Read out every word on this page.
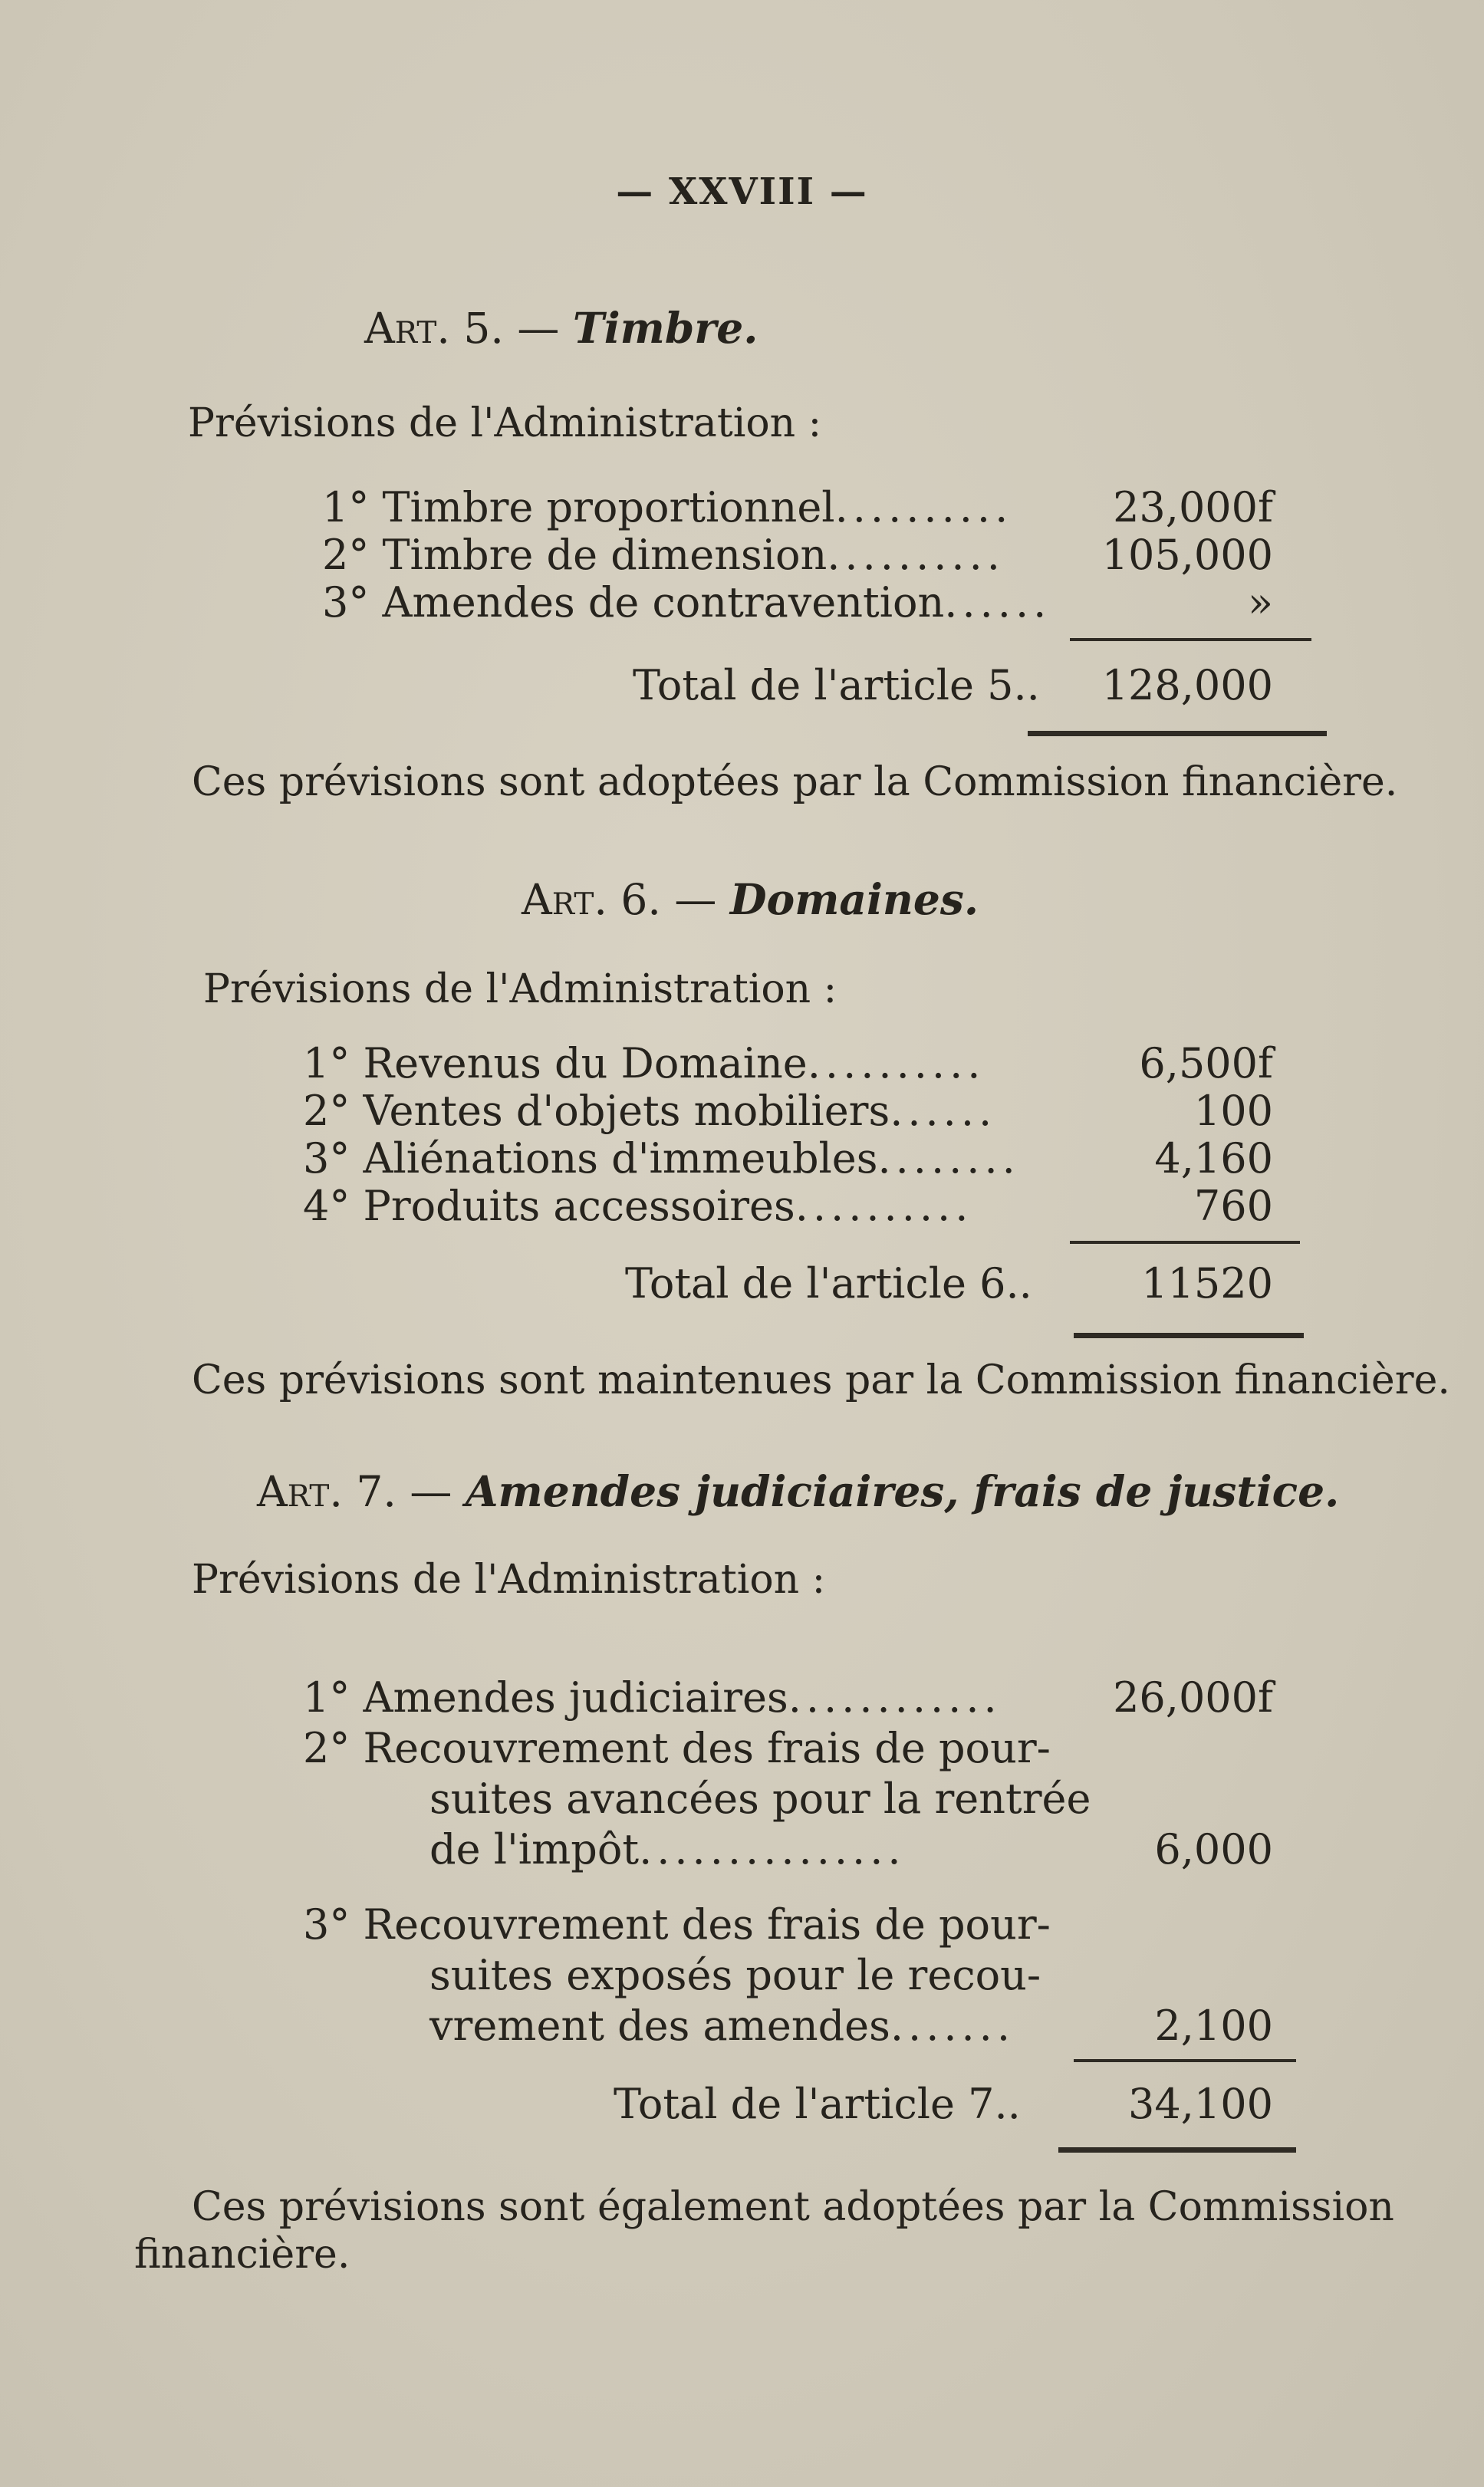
— XXVIII —
Art. 5. — Timbre.
Prévisions de l'Administration :
1° Timbre proportionnel..........	23,000f
2° Timbre de dimension..........	105,000
3° Amendes de contravention......	»
Total de l'article 5..	128,000
Ces prévisions sont adoptées par la Commission financière.
Art. 6. — Domaines.
Prévisions de l'Administration :
1° Revenus du Domaine..........	6,500f
2° Ventes d'objets mobiliers......	100
3° Aliénations d'immeubles........	4,160
4° Produits accessoires..........	760
Total de l'article 6..	11520
Ces prévisions sont maintenues par la Commission financière.
Art. 7. — Amendes judiciaires, frais de justice.
Prévisions de l'Administration :
1° Amendes judiciaires............	26,000f
2° Recouvrement des frais de pour-
suites avancées pour la rentrée
de l'impôt...............	6,000
3° Recouvrement des frais de pour-
suites exposés pour le recou-
vrement des amendes.......	2,100
Total de l'article 7..	34,100
Ces prévisions sont également adoptées par la Commission
financière.
